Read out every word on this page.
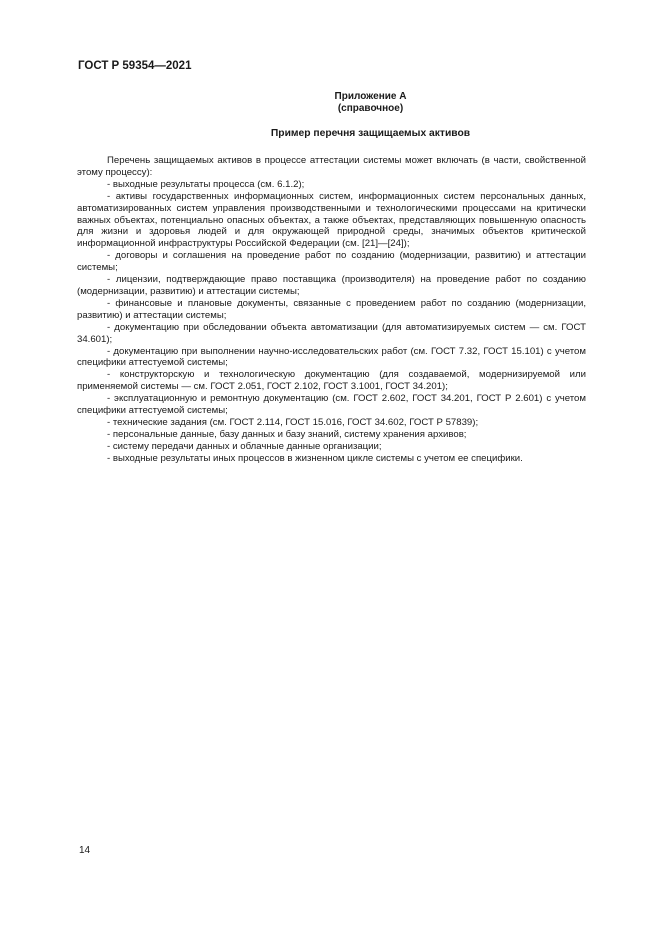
ГОСТ Р 59354—2021
Приложение А
(справочное)
Пример перечня защищаемых активов

Перечень защищаемых активов в процессе аттестации системы может включать (в части, свойственной этому процессу):

- выходные результаты процесса (см. 6.1.2);

- активы государственных информационных систем, информационных систем персональных данных, автоматизированных систем управления производственными и технологическими процессами на критически важных объектах, потенциально опасных объектах, а также объектах, представляющих повышенную опасность для жизни и здоровья людей и для окружающей природной среды, значимых объектов критической информационной инфраструктуры Российской Федерации (см. [21]—[24]);

- договоры и соглашения на проведение работ по созданию (модернизации, развитию) и аттестации системы;

- лицензии, подтверждающие право поставщика (производителя) на проведение работ по созданию (модернизации, развитию) и аттестации системы;

- финансовые и плановые документы, связанные с проведением работ по созданию (модернизации, развитию) и аттестации системы;

- документацию при обследовании объекта автоматизации (для автоматизируемых систем — см. ГОСТ 34.601);

- документацию при выполнении научно-исследовательских работ (см. ГОСТ 7.32, ГОСТ 15.101) с учетом специфики аттестуемой системы;

- конструкторскую и технологическую документацию (для создаваемой, модернизируемой или применяемой системы — см. ГОСТ 2.051, ГОСТ 2.102, ГОСТ 3.1001, ГОСТ 34.201);

- эксплуатационную и ремонтную документацию (см. ГОСТ 2.602, ГОСТ 34.201, ГОСТ Р 2.601) с учетом специфики аттестуемой системы;

- технические задания (см. ГОСТ 2.114, ГОСТ 15.016, ГОСТ 34.602, ГОСТ Р 57839);

- персональные данные, базу данных и базу знаний, систему хранения архивов;

- систему передачи данных и облачные данные организации;

- выходные результаты иных процессов в жизненном цикле системы с учетом ее специфики.

14
